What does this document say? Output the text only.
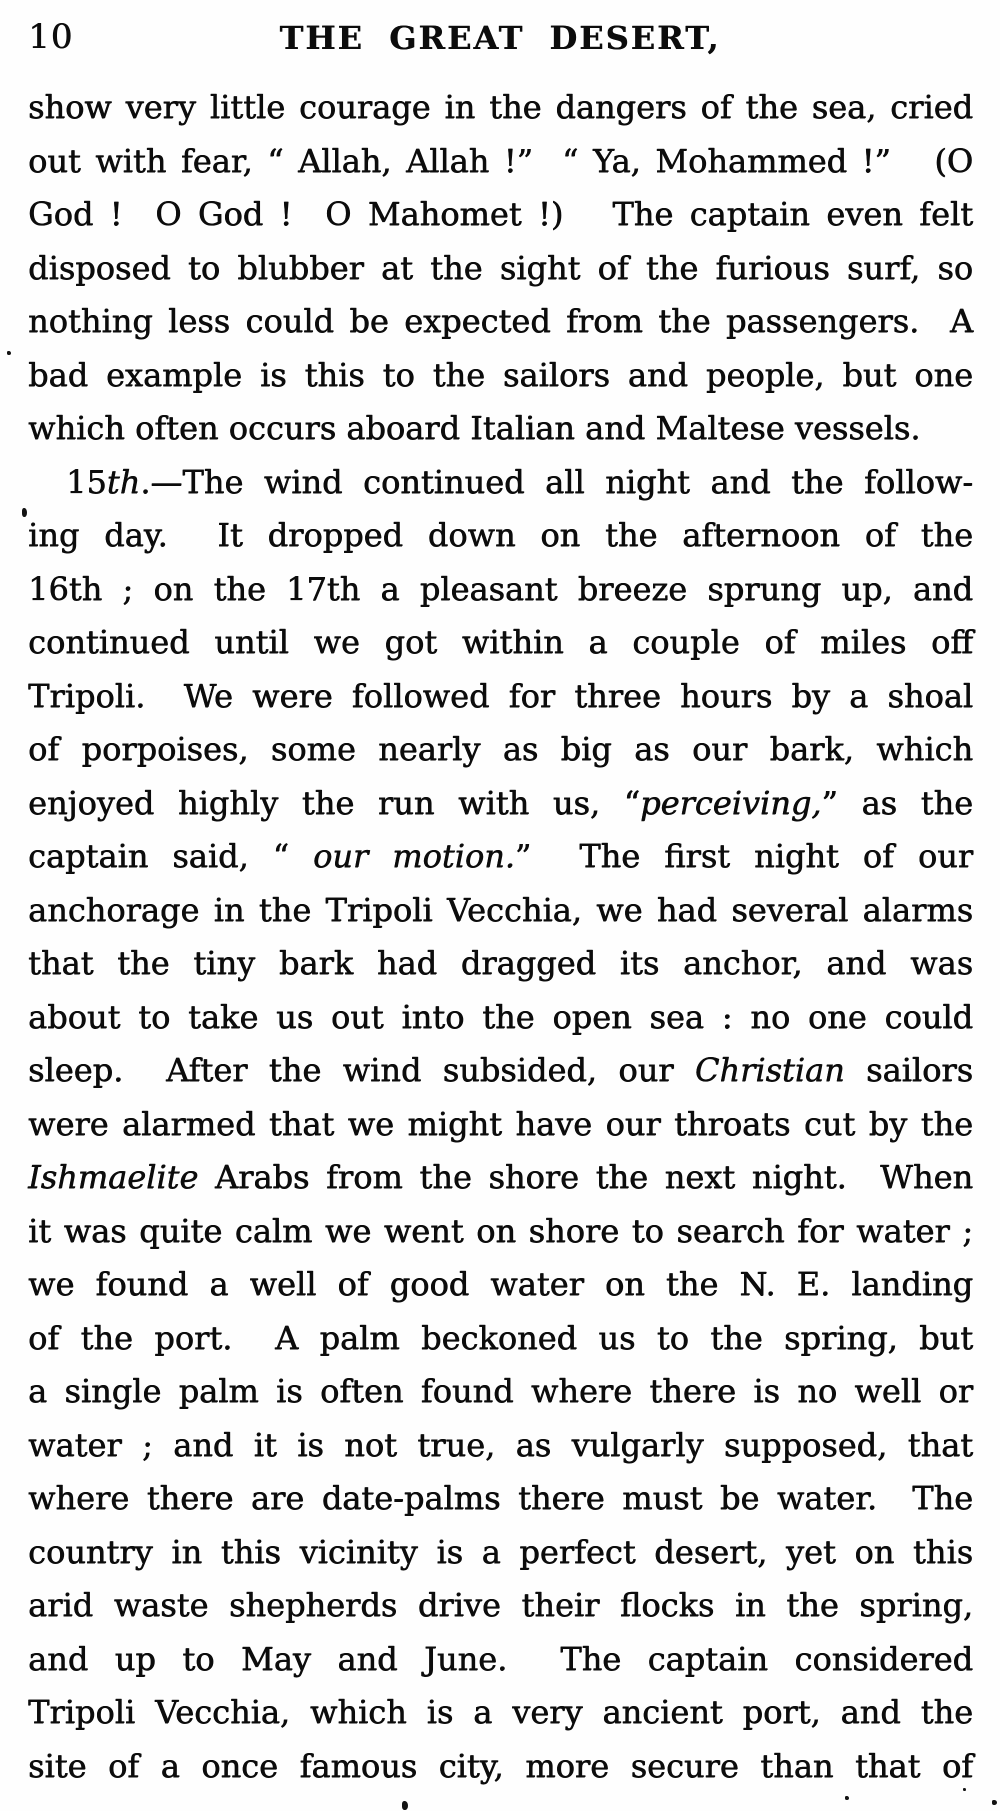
10	THE GREAT DESERT,
show very little courage in the dangers of the sea, cried
out with fear, “ Allah, Allah !”  “ Ya, Mohammed !”   (O
God !  O God !  O Mahomet !)   The captain even felt
disposed to blubber at the sight of the furious surf, so
nothing less could be expected from the passengers.  A
bad example is this to the sailors and people, but one
which often occurs aboard Italian and Maltese vessels.
15th.—The wind continued all night and the follow-
ing day.  It dropped down on the afternoon of the
16th ; on the 17th a pleasant breeze sprung up, and
continued until we got within a couple of miles off
Tripoli.  We were followed for three hours by a shoal
of porpoises, some nearly as big as our bark, which
enjoyed highly the run with us, “perceiving,” as the
captain said, “ our motion.”  The first night of our
anchorage in the Tripoli Vecchia, we had several alarms
that the tiny bark had dragged its anchor, and was
about to take us out into the open sea : no one could
sleep.  After the wind subsided, our Christian sailors
were alarmed that we might have our throats cut by the
Ishmaelite Arabs from the shore the next night.  When
it was quite calm we went on shore to search for water ;
we found a well of good water on the N. E. landing
of the port.  A palm beckoned us to the spring, but
a single palm is often found where there is no well or
water ; and it is not true, as vulgarly supposed, that
where there are date-palms there must be water.  The
country in this vicinity is a perfect desert, yet on this
arid waste shepherds drive their flocks in the spring,
and up to May and June.  The captain considered
Tripoli Vecchia, which is a very ancient port, and the
site of a once famous city, more secure than that of
